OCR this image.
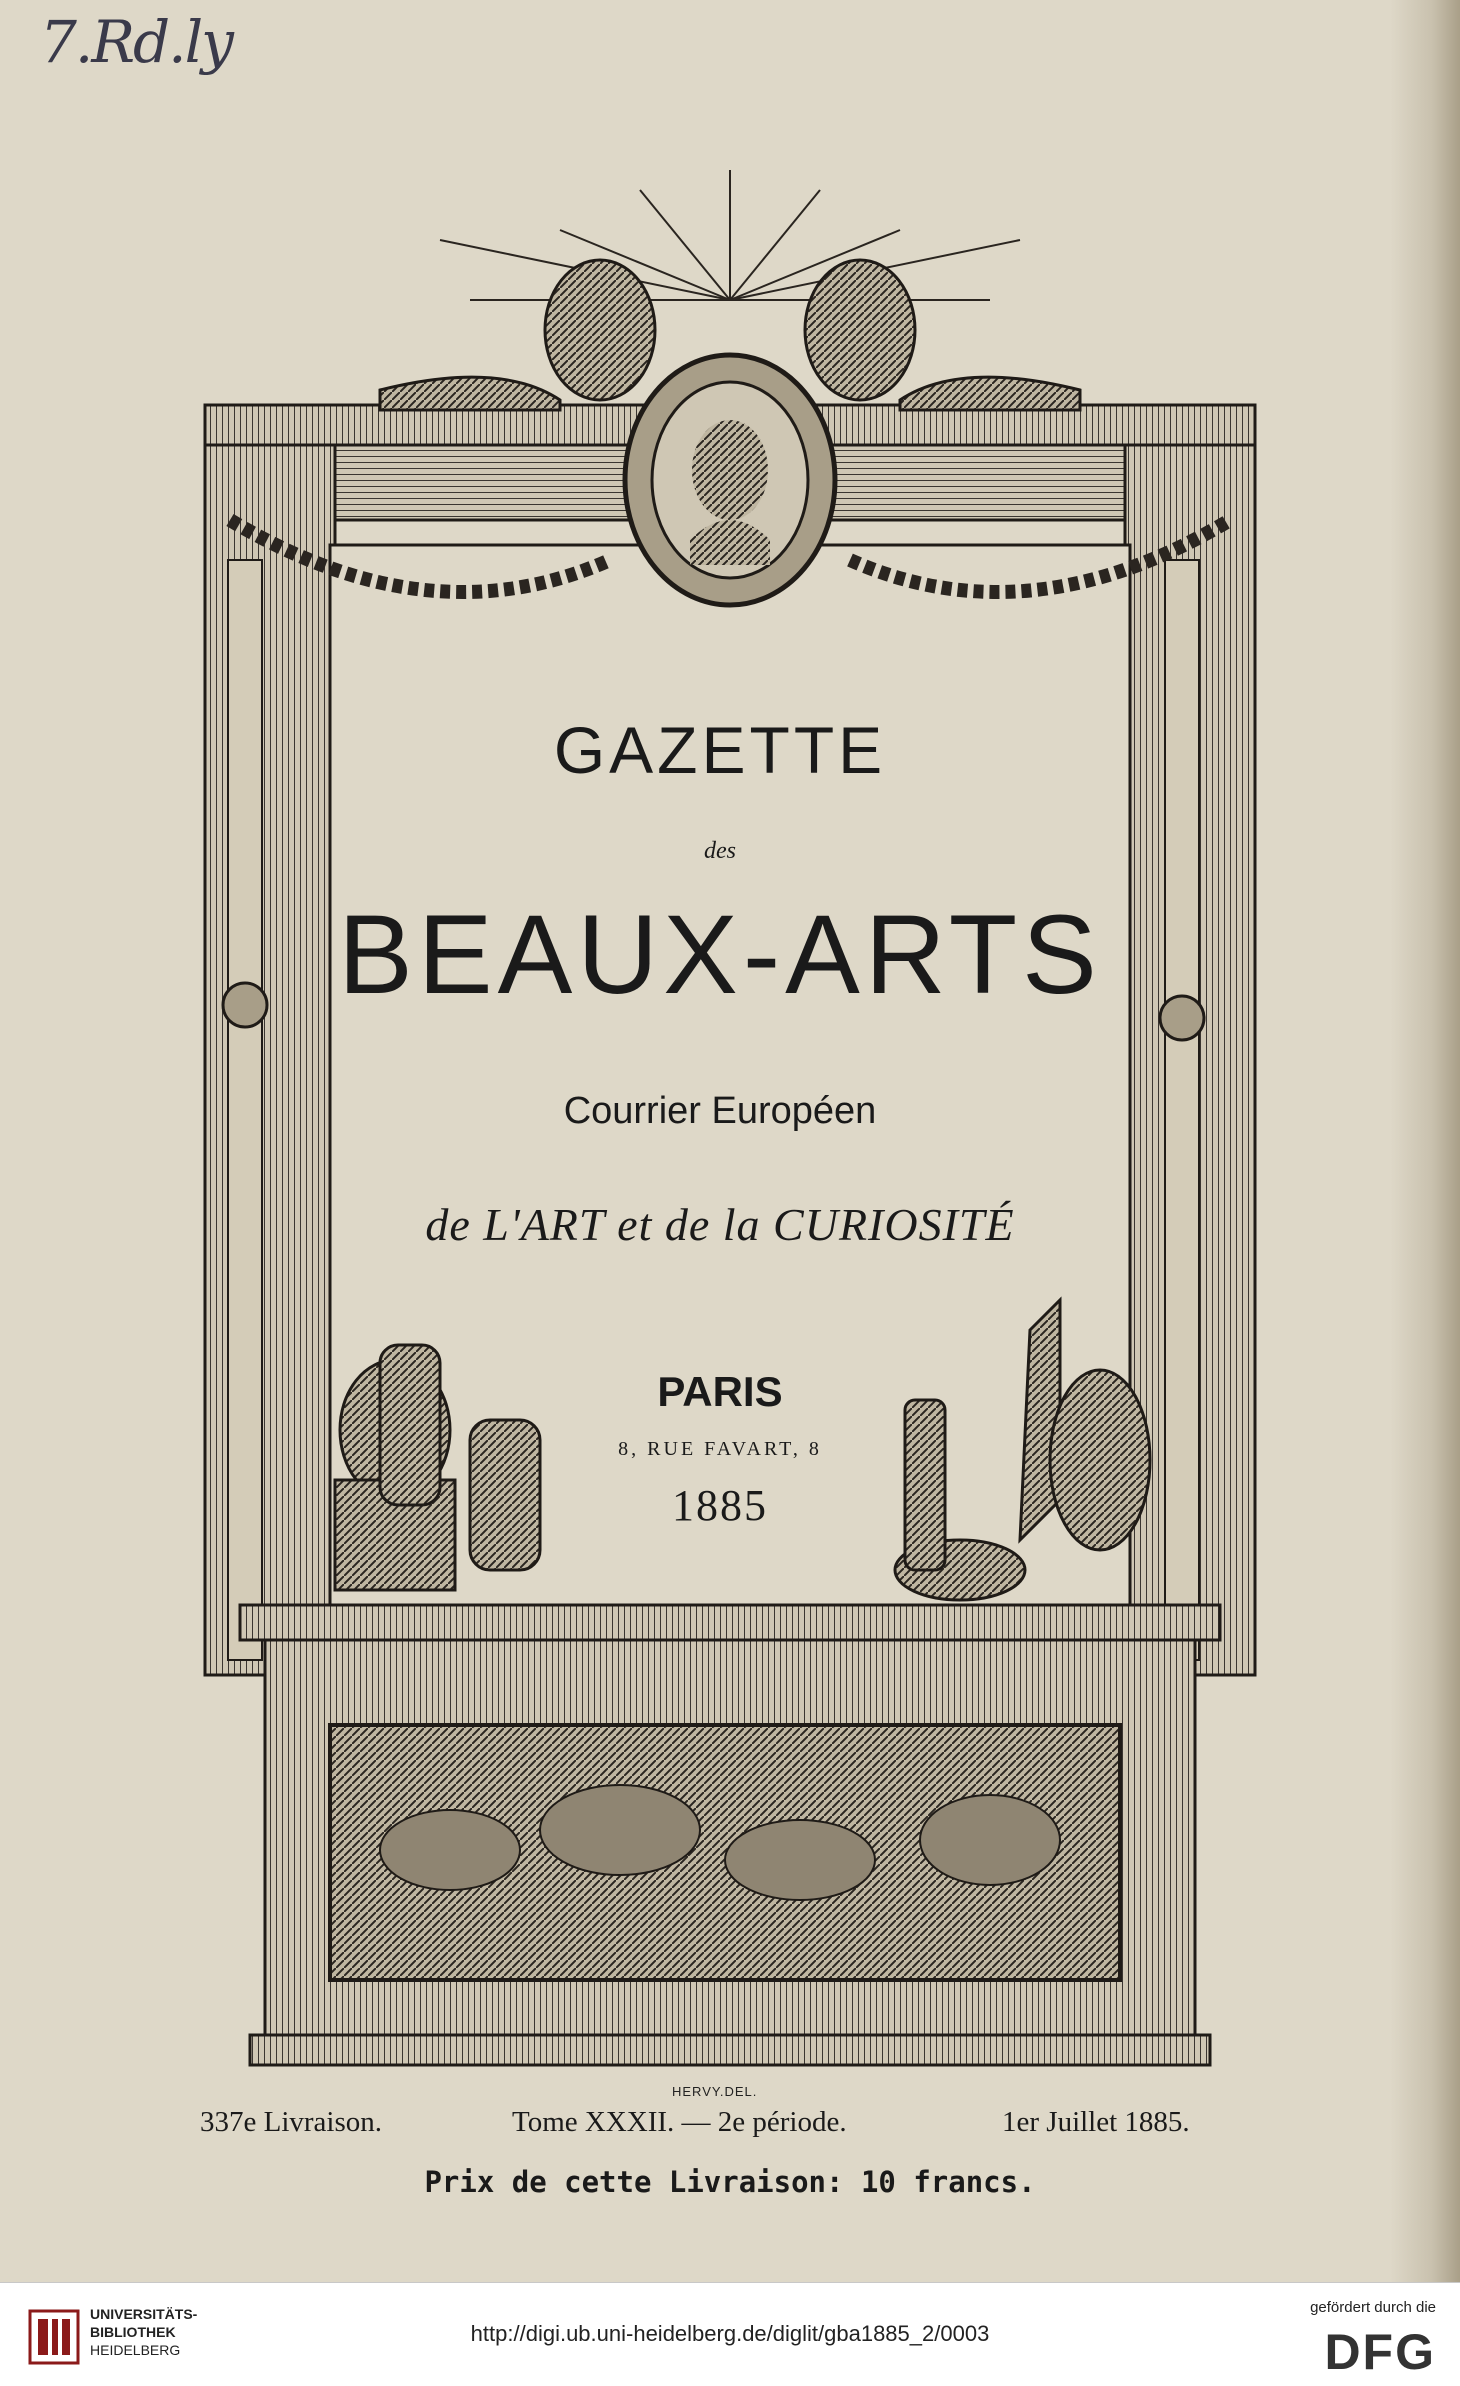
7.Rd.ly
GAZETTE
des
BEAUX-ARTS
Courrier Européen
de L'ART et de la CURIOSITÉ
PARIS
8, RUE FAVART, 8
1885
HERVY.DEL.
337e Livraison.	Tome XXXII. — 2e période.	1er Juillet 1885.
Prix de cette Livraison: 10 francs.
UNIVERSITÄTS-
BIBLIOTHEK
HEIDELBERG
http://digi.ub.uni-heidelberg.de/diglit/gba1885_2/0003
gefördert durch die
DFG
